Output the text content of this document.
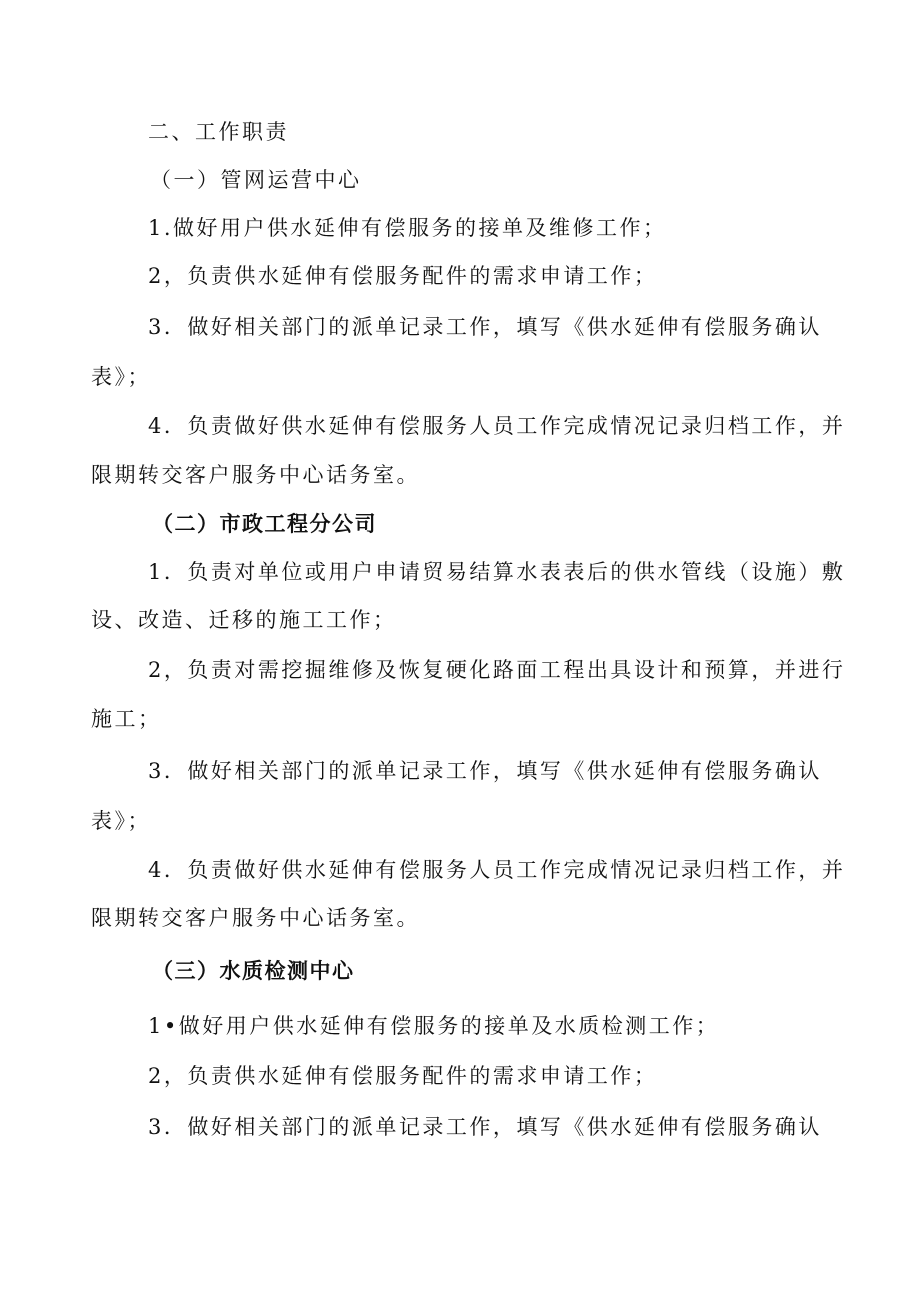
二、工作职责
（一）管网运营中心
1.做好用户供水延伸有偿服务的接单及维修工作；
2，负责供水延伸有偿服务配件的需求申请工作；
3．做好相关部门的派单记录工作，填写《供水延伸有偿服务确认
表》；
4．负责做好供水延伸有偿服务人员工作完成情况记录归档工作，并
限期转交客户服务中心话务室。
（二）市政工程分公司
1．负责对单位或用户申请贸易结算水表表后的供水管线（设施）敷
设、改造、迁移的施工工作；
2，负责对需挖掘维修及恢复硬化路面工程出具设计和预算，并进行
施工；
3．做好相关部门的派单记录工作，填写《供水延伸有偿服务确认
表》；
4．负责做好供水延伸有偿服务人员工作完成情况记录归档工作，并
限期转交客户服务中心话务室。
（三）水质检测中心
1•做好用户供水延伸有偿服务的接单及水质检测工作；
2，负责供水延伸有偿服务配件的需求申请工作；
3．做好相关部门的派单记录工作，填写《供水延伸有偿服务确认
